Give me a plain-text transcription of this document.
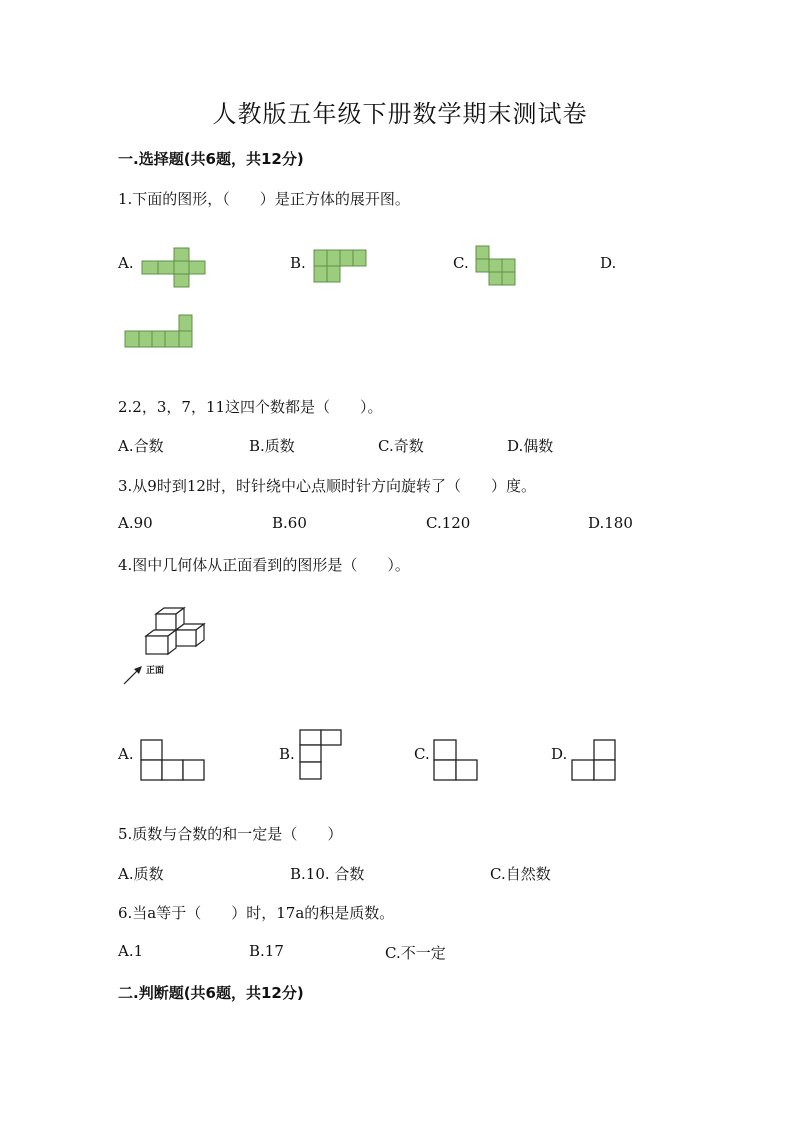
人教版五年级下册数学期末测试卷
一.选择题(共6题，共12分)
1.下面的图形，（　　）是正方体的展开图。
A.	B.	C.	D.
2.2，3，7，11这四个数都是（　　）。
A.合数	B.质数	C.奇数	D.偶数
3.从9时到12时，时针绕中心点顺时针方向旋转了（　　）度。
A.90	B.60	C.120	D.180
4.图中几何体从正面看到的图形是（　　）。
正面
A.	B.	C.	D.
5.质数与合数的和一定是（　　）
A.质数	B.10. 合数	C.自然数
6.当a等于（　　）时，17a的积是质数。
A.1	B.17	C.不一定
二.判断题(共6题，共12分)
